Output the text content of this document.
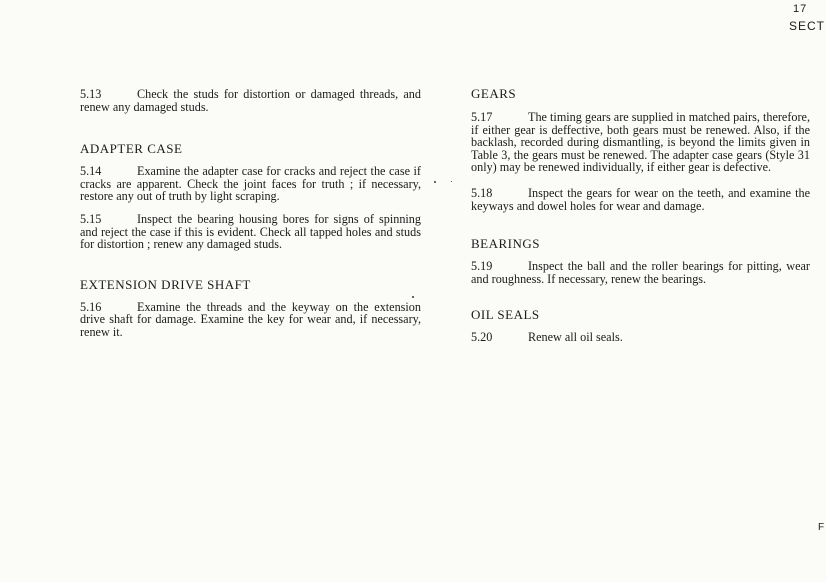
17
SECT

5.13	Check the studs for distortion or damaged threads, and renew any damaged studs.

ADAPTER CASE

5.14	Examine the adapter case for cracks and reject the case if cracks are apparent. Check the joint faces for truth ; if necessary, restore any out of truth by light scraping.

5.15	Inspect the bearing housing bores for signs of spinning and reject the case if this is evident. Check all tapped holes and studs for distortion ; renew any damaged studs.

EXTENSION DRIVE SHAFT

5.16	Examine the threads and the keyway on the extension drive shaft for damage. Examine the key for wear and, if necessary, renew it.

GEARS

5.17	The timing gears are supplied in matched pairs, therefore, if either gear is deffective, both gears must be renewed. Also, if the backlash, recorded during dismantling, is beyond the limits given in Table 3, the gears must be renewed. The adapter case gears (Style 31 only) may be renewed individually, if either gear is defective.

5.18	Inspect the gears for wear on the teeth, and examine the keyways and dowel holes for wear and damage.

BEARINGS

5.19	Inspect the ball and the roller bearings for pitting, wear and roughness. If necessary, renew the bearings.

OIL SEALS

5.20	Renew all oil seals.

F
